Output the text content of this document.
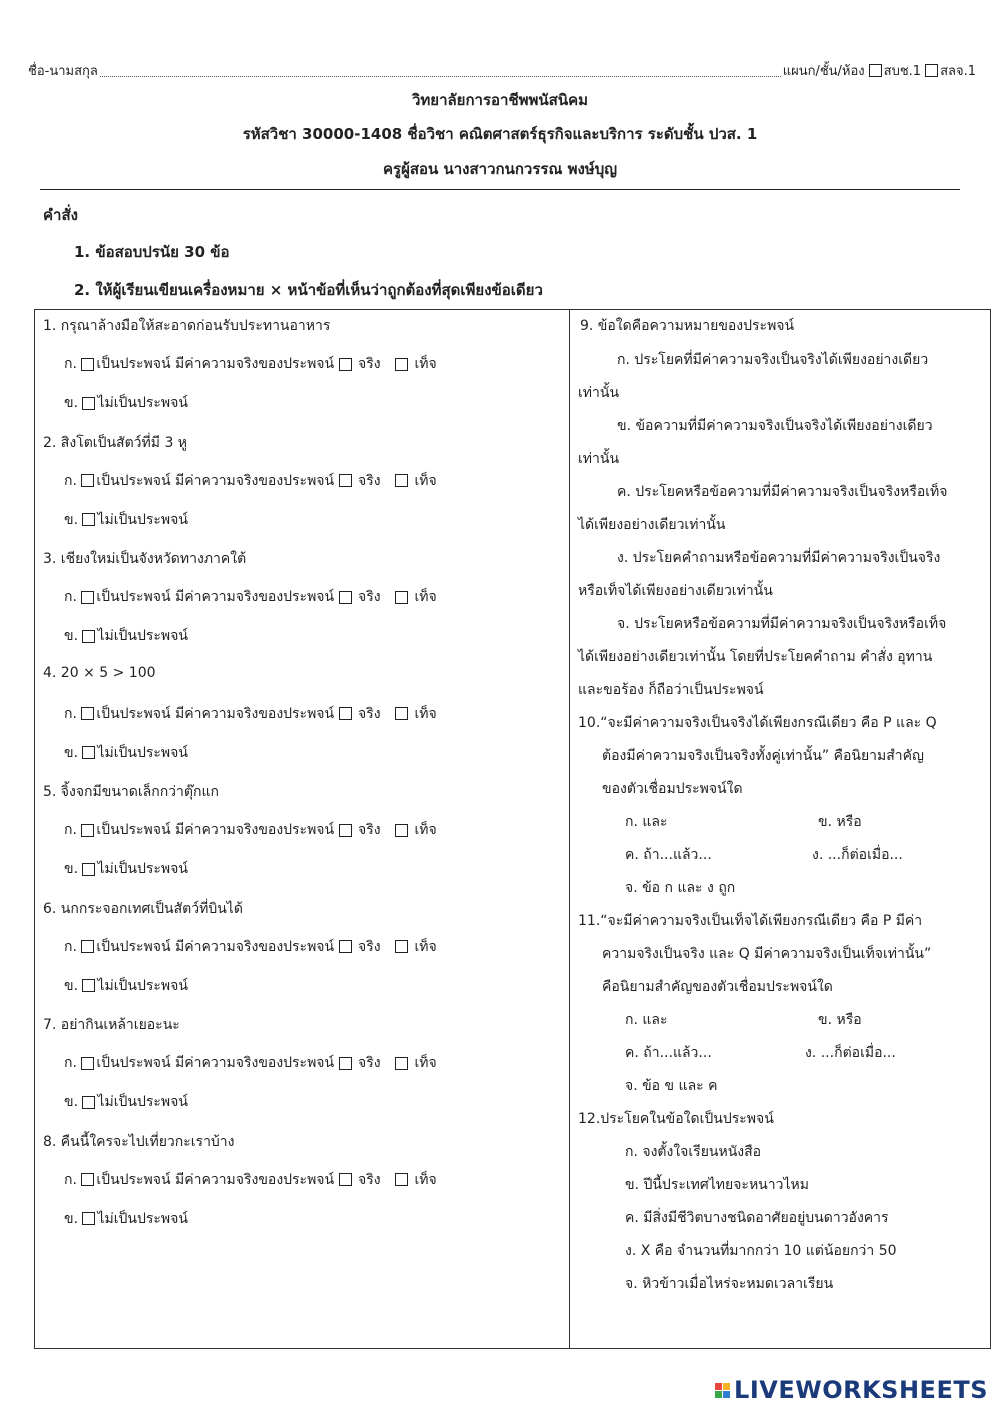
ชื่อ-นามสกุล	แผนก/ชั้น/ห้อง สบช.1 สลจ.1
วิทยาลัยการอาชีพพนัสนิคม
รหัสวิชา 30000-1408 ชื่อวิชา คณิตศาสตร์ธุรกิจและบริการ ระดับชั้น ปวส. 1
ครูผู้สอน นางสาวกนกวรรณ พงษ์บุญ
คำสั่ง
1. ข้อสอบปรนัย 30 ข้อ
2. ให้ผู้เรียนเขียนเครื่องหมาย × หน้าข้อที่เห็นว่าถูกต้องที่สุดเพียงข้อเดียว
1. กรุณาล้างมือให้สะอาดก่อนรับประทานอาหาร
ก.
เป็นประพจน์ มีค่าความจริงของประพจน์

จริง

เท็จ
ข.
ไม่เป็นประพจน์
2. สิงโตเป็นสัตว์ที่มี 3 หู
ก.
เป็นประพจน์ มีค่าความจริงของประพจน์

จริง

เท็จ
ข.
ไม่เป็นประพจน์
3. เชียงใหม่เป็นจังหวัดทางภาคใต้
ก.
เป็นประพจน์ มีค่าความจริงของประพจน์

จริง

เท็จ
ข.
ไม่เป็นประพจน์
4. 20 × 5 > 100
ก.
เป็นประพจน์ มีค่าความจริงของประพจน์

จริง

เท็จ
ข.
ไม่เป็นประพจน์
5. จิ้งจกมีขนาดเล็กกว่าตุ๊กแก
ก.
เป็นประพจน์ มีค่าความจริงของประพจน์

จริง

เท็จ
ข.
ไม่เป็นประพจน์
6. นกกระจอกเทศเป็นสัตว์ที่บินได้
ก.
เป็นประพจน์ มีค่าความจริงของประพจน์

จริง

เท็จ
ข.
ไม่เป็นประพจน์
7. อย่ากินเหล้าเยอะนะ
ก.
เป็นประพจน์ มีค่าความจริงของประพจน์

จริง

เท็จ
ข.
ไม่เป็นประพจน์
8. คืนนี้ใครจะไปเที่ยวกะเราบ้าง
ก.
เป็นประพจน์ มีค่าความจริงของประพจน์

จริง

เท็จ
ข.
ไม่เป็นประพจน์
9. ข้อใดคือความหมายของประพจน์
ก. ประโยคที่มีค่าความจริงเป็นจริงได้เพียงอย่างเดียว
เท่านั้น
ข. ข้อความที่มีค่าความจริงเป็นจริงได้เพียงอย่างเดียว
เท่านั้น
ค. ประโยคหรือข้อความที่มีค่าความจริงเป็นจริงหรือเท็จ
ได้เพียงอย่างเดียวเท่านั้น
ง. ประโยคคำถามหรือข้อความที่มีค่าความจริงเป็นจริง
หรือเท็จได้เพียงอย่างเดียวเท่านั้น
จ. ประโยคหรือข้อความที่มีค่าความจริงเป็นจริงหรือเท็จ
ได้เพียงอย่างเดียวเท่านั้น โดยที่ประโยคคำถาม คำสั่ง อุทาน
และขอร้อง ก็ถือว่าเป็นประพจน์
10.“จะมีค่าความจริงเป็นจริงได้เพียงกรณีเดียว คือ P และ Q
ต้องมีค่าความจริงเป็นจริงทั้งคู่เท่านั้น” คือนิยามสำคัญ
ของตัวเชื่อมประพจน์ใด
ก. และ	ข. หรือ
ค. ถ้า...แล้ว...	ง. ...ก็ต่อเมื่อ...
จ. ข้อ ก และ ง ถูก
11.“จะมีค่าความจริงเป็นเท็จได้เพียงกรณีเดียว คือ P มีค่า
ความจริงเป็นจริง และ Q มีค่าความจริงเป็นเท็จเท่านั้น”
คือนิยามสำคัญของตัวเชื่อมประพจน์ใด
ก. และ	ข. หรือ
ค. ถ้า...แล้ว...	ง. ...ก็ต่อเมื่อ...
จ. ข้อ ข และ ค
12.ประโยคในข้อใดเป็นประพจน์
ก. จงตั้งใจเรียนหนังสือ
ข. ปีนี้ประเทศไทยจะหนาวไหม
ค. มีสิ่งมีชีวิตบางชนิดอาศัยอยู่บนดาวอังคาร
ง. X คือ จำนวนที่มากกว่า 10 แต่น้อยกว่า 50
จ. หิวข้าวเมื่อไหร่จะหมดเวลาเรียน
LIVEWORKSHEETS
